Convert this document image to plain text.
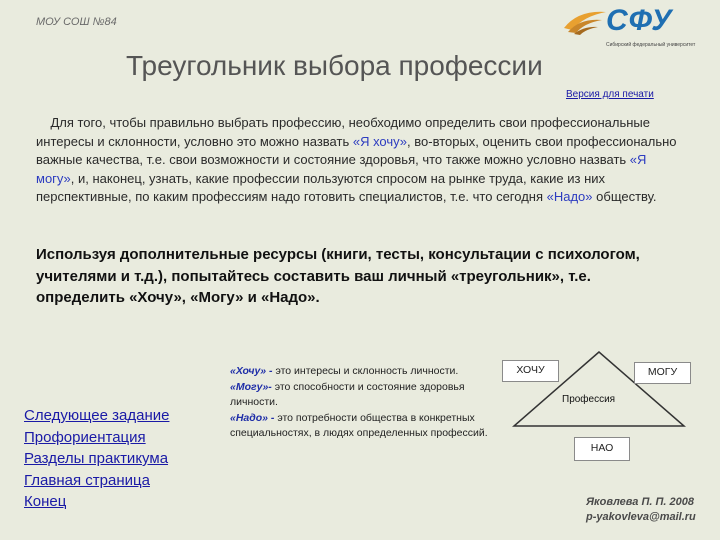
МОУ СОШ №84	СФУ
Сибирский федеральный университет
Треугольник выбора профессии
Версия для печати

Для того, чтобы правильно выбрать профессию, необходимо определить свои профессиональные интересы и склонности, условно это можно назвать «Я хочу», во-вторых, оценить свои профессионально важные качества, т.е. свои возможности и состояние здоровья, что также можно условно назвать «Я могу», и, наконец, узнать, какие профессии пользуются спросом на рынке труда, какие из них перспективные, по каким профессиям надо готовить специалистов, т.е. что сегодня «Надо» обществу.

Используя дополнительные ресурсы (книги, тесты, консультации с психологом, учителями и т.д.), попытайтесь составить ваш личный «треугольник», т.е. определить «Хочу», «Могу» и «Надо».

Следующее задание
Профориентация
Разделы практикума
Главная страница
Конец

«Хочу» - это интересы и склонность личности.
«Могу»- это способности и состояние здоровья личности.
«Надо» - это потребности общества в конкретных специальностях, в людях определенных профессий.

ХОЧУ	МОГУ
Профессия
НАО
Яковлева П. П. 2008
p-yakovleva@mail.ru
